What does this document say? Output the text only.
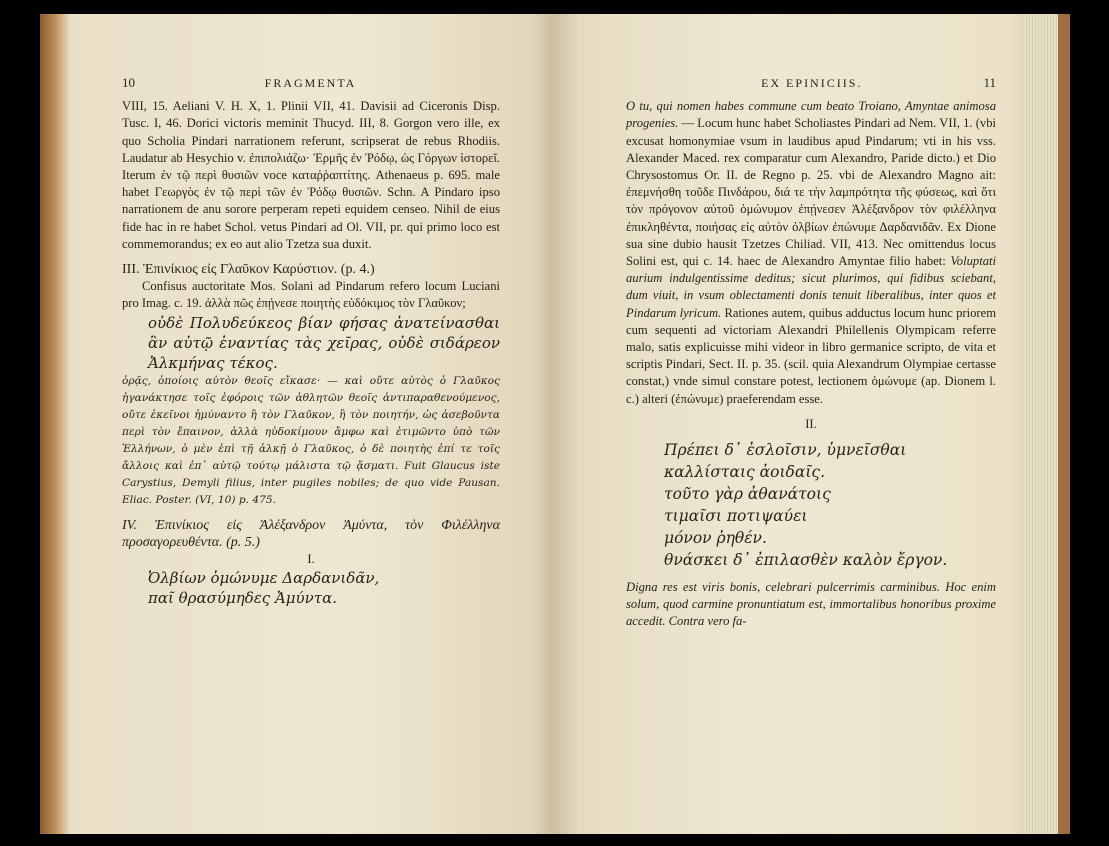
10	FRAGMENTA

VIII, 15. Aeliani V. H. X, 1. Plinii VII, 41. Davisii ad Ciceronis Disp. Tusc. I, 46. Dorici victoris meminit Thucyd. III, 8. Gorgon vero ille, ex quo Scholia Pindari narrationem referunt, scripserat de rebus Rhodiis. Laudatur ab Hesychio v. ἐπιπολιάζω· Ἑρμῆς ἐν Ῥόδῳ, ὡς Γόργων ἱστορεῖ. Iterum ἐν τῷ περὶ θυσιῶν voce καταῤῥαπτίτης. Athenaeus p. 695. male habet Γεωργὸς ἐν τῷ περὶ τῶν ἐν Ῥόδῳ θυσιῶν. Schn. A Pindaro ipso narrationem de anu sorore perperam repeti equidem censeo. Nihil de eius fide hac in re habet Schol. vetus Pindari ad Ol. VII, pr. qui primo loco est commemorandus; ex eo aut alio Tzetza sua duxit.

III. Ἐπινίκιος εἰς Γλαῦκον Καρύστιον. (p. 4.)

Confisus auctoritate Mos. Solani ad Pindarum refero locum Luciani pro Imag. c. 19. ἀλλὰ πῶς ἐπῄνεσε ποιητὴς εὐδόκιμος τὸν Γλαῦκον;

οὐδὲ Πολυδεύκεος βίαν φήσας ἀνατείνασθαι ἂν αὐτῷ ἐναντίας τὰς χεῖρας, οὐδὲ σιδάρεον Ἀλκμήνας τέκος.

ὁρᾷς, ὁποίοις αὐτὸν θεοῖς εἴκασε· — καὶ οὔτε αὐτὸς ὁ Γλαῦκος ἠγανάκτησε τοῖς ἐφόροις τῶν ἀθλητῶν θεοῖς ἀντιπαραθενούμενος, οὔτε ἐκεῖνοι ἠμύναντο ἢ τὸν Γλαῦκον, ἢ τὸν ποιητήν, ὡς ἀσεβοῦντα περὶ τὸν ἔπαινον, ἀλλὰ ηὐδοκίμουν ἄμφω καὶ ἐτιμῶντο ὑπὸ τῶν Ἑλλήνων, ὁ μὲν ἐπὶ τῇ ἀλκῇ ὁ Γλαῦκος, ὁ δὲ ποιητὴς ἐπί τε τοῖς ἄλλοις καὶ ἐπ᾽ αὐτῷ τούτῳ μάλιστα τῷ ᾄσματι. Fuit Glaucus iste Carystius, Demyli filius, inter pugiles nobiles; de quo vide Pausan. Eliac. Poster. (VI, 10) p. 475.

IV. Ἐπινίκιος εἰς Ἀλέξανδρον Ἀμύντα, τὸν Φιλέλληνα προσαγορευθέντα. (p. 5.)

I.

Ὀλβίων ὁμώνυμε Δαρδανιδᾶν,

παῖ θρασύμηδες Ἀμύντα.

EX EPINICIIS.	11

O tu, qui nomen habes commune cum beato Troiano, Amyntae animosa progenies. — Locum hunc habet Scholiastes Pindari ad Nem. VII, 1. (vbi excusat homonymiae vsum in laudibus apud Pindarum; vti in his vss. Alexander Maced. rex comparatur cum Alexandro, Paride dicto.) et Dio Chrysostomus Or. II. de Regno p. 25. vbi de Alexandro Magno ait: ἐπεμνήσθη τοῦδε Πινδάρου, διά τε τὴν λαμπρότητα τῆς φύσεως, καὶ ὅτι τὸν πρόγονον αὐτοῦ ὁμώνυμον ἐπῄνεσεν Ἀλέξανδρον τὸν φιλέλληνα ἐπικληθέντα, ποιήσας εἰς αὐτὸν ὀλβίων ἐπώνυμε Δαρδανιδᾶν. Ex Dione sua sine dubio hausit Tzetzes Chiliad. VII, 413. Nec omittendus locus Solini est, qui c. 14. haec de Alexandro Amyntae filio habet: Voluptati aurium indulgentissime deditus; sicut plurimos, qui fidibus sciebant, dum viuit, in vsum oblectamenti donis tenuit liberalibus, inter quos et Pindarum lyricum. Rationes autem, quibus adductus locum hunc priorem cum sequenti ad victoriam Alexandri Philellenis Olympicam referre malo, satis explicuisse mihi videor in libro germanice scripto, de vita et scriptis Pindari, Sect. II. p. 35. (scil. quia Alexandrum Olympiae certasse constat,) vnde simul constare potest, lectionem ὁμώνυμε (ap. Dionem l. c.) alteri (ἐπώνυμε) praeferendam esse.

II.

Πρέπει δ᾽ ἐσλοῖσιν, ὑμνεῖσθαι
καλλίσταις ἀοιδαῖς.
τοῦτο γὰρ ἀθανάτοις
τιμαῖσι ποτιψαύει
μόνον ῥηθέν.
θνάσκει δ᾽ ἐπιλασθὲν καλὸν ἔργον.

Digna res est viris bonis, celebrari pulcerrimis carminibus. Hoc enim solum, quod carmine pronuntiatum est, immortalibus honoribus proxime accedit. Contra vero fa-
